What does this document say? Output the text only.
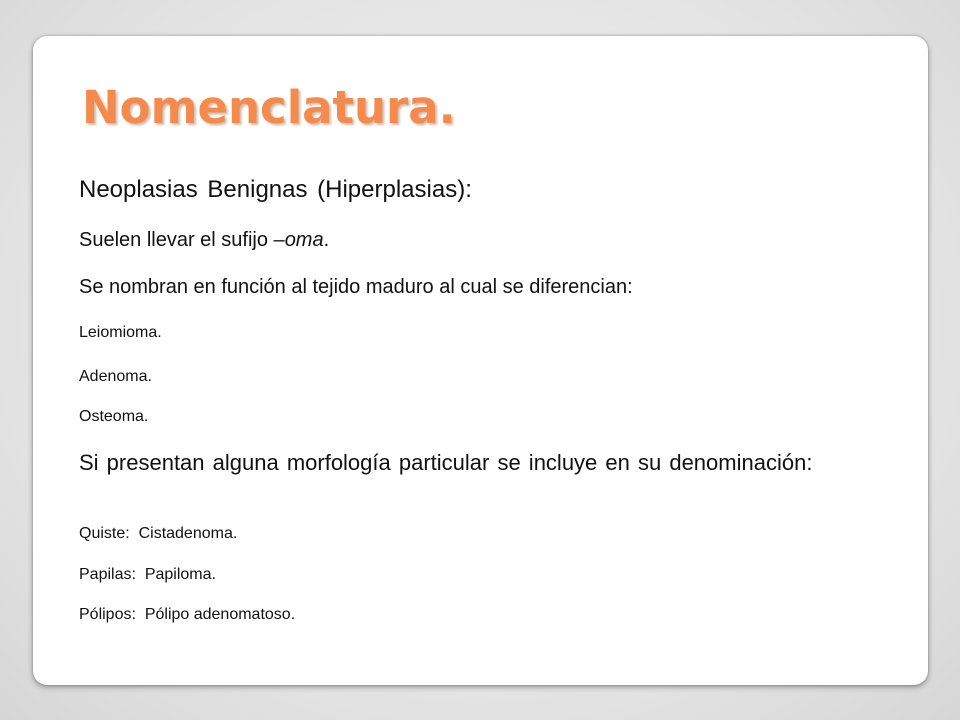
Nomenclatura.
Neoplasias Benignas (Hiperplasias):
Suelen llevar el sufijo –oma.
Se nombran en función al tejido maduro al cual se diferencian:
Leiomioma.
Adenoma.
Osteoma.
Si presentan alguna morfología particular se incluye en su denominación:
Quiste: Cistadenoma.
Papilas: Papiloma.
Pólipos: Pólipo adenomatoso.
